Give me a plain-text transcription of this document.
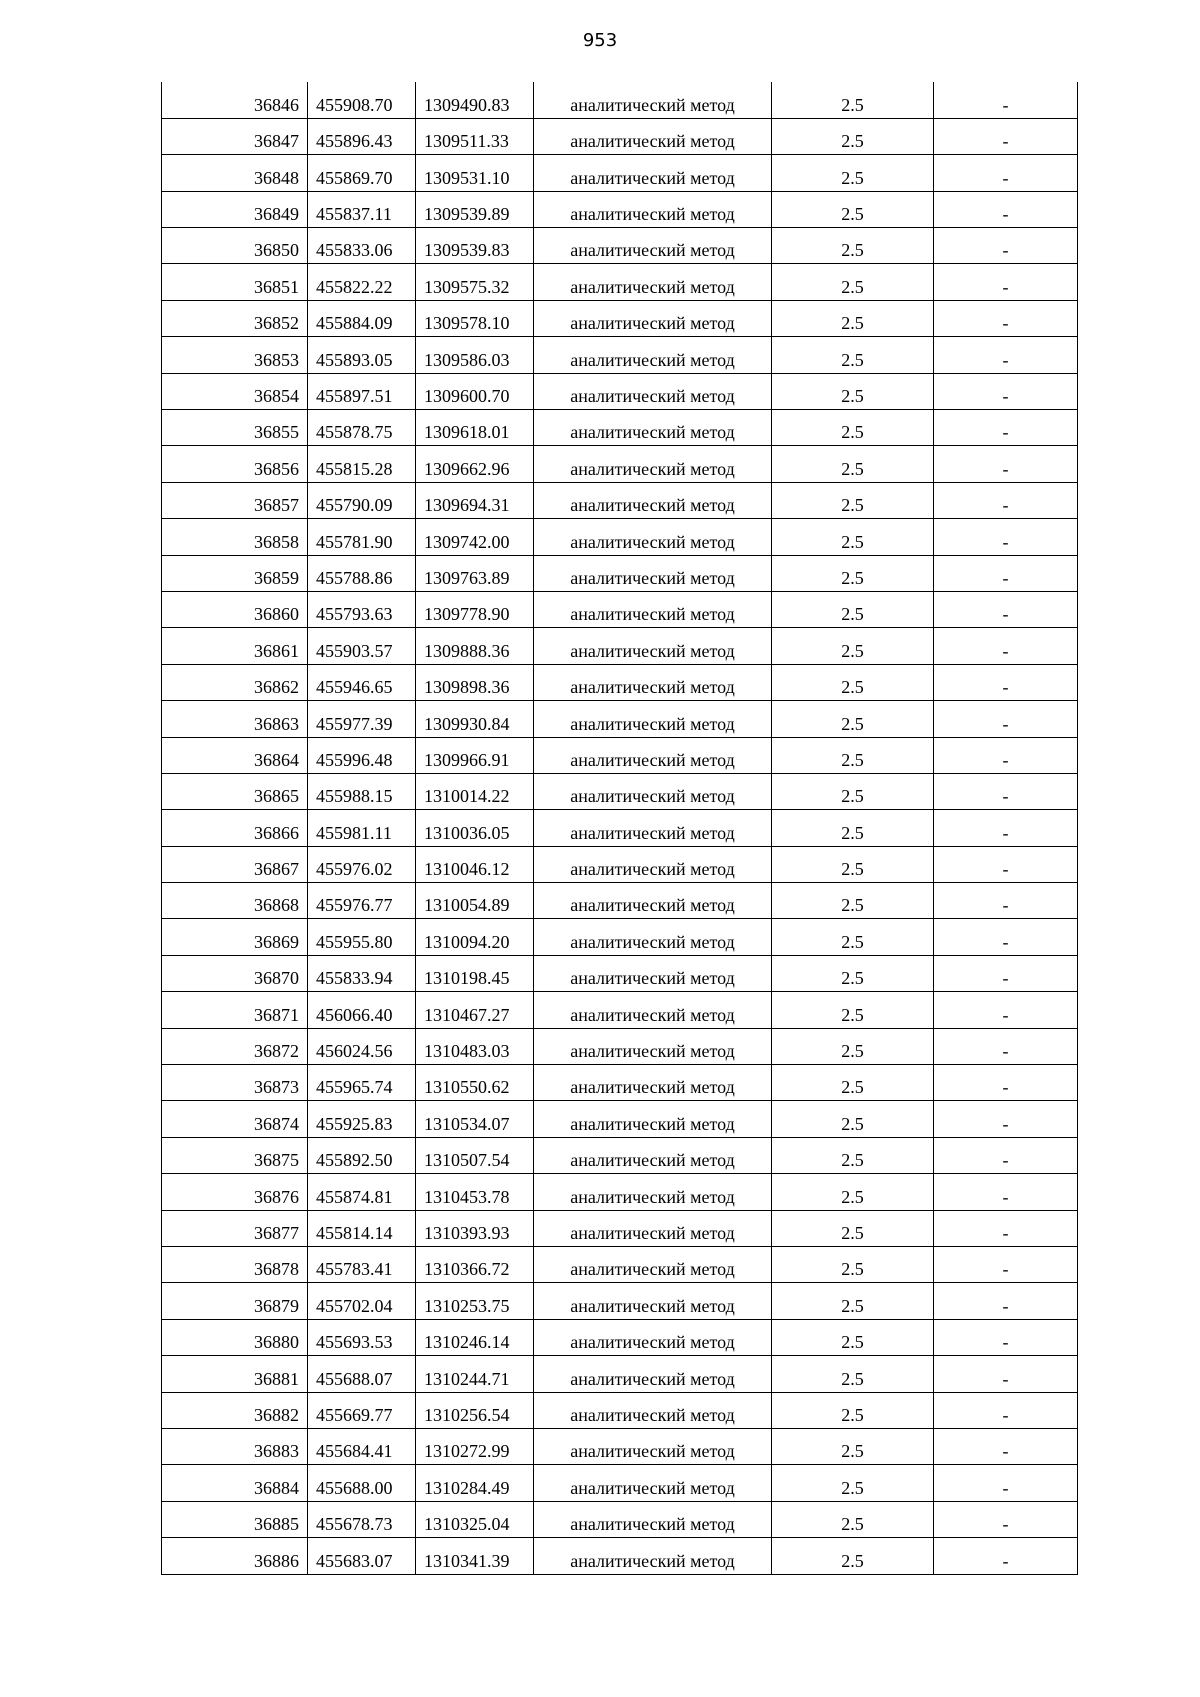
953
36846	455908.70	1309490.83	аналитический метод	2.5	-
36847	455896.43	1309511.33	аналитический метод	2.5	-
36848	455869.70	1309531.10	аналитический метод	2.5	-
36849	455837.11	1309539.89	аналитический метод	2.5	-
36850	455833.06	1309539.83	аналитический метод	2.5	-
36851	455822.22	1309575.32	аналитический метод	2.5	-
36852	455884.09	1309578.10	аналитический метод	2.5	-
36853	455893.05	1309586.03	аналитический метод	2.5	-
36854	455897.51	1309600.70	аналитический метод	2.5	-
36855	455878.75	1309618.01	аналитический метод	2.5	-
36856	455815.28	1309662.96	аналитический метод	2.5	-
36857	455790.09	1309694.31	аналитический метод	2.5	-
36858	455781.90	1309742.00	аналитический метод	2.5	-
36859	455788.86	1309763.89	аналитический метод	2.5	-
36860	455793.63	1309778.90	аналитический метод	2.5	-
36861	455903.57	1309888.36	аналитический метод	2.5	-
36862	455946.65	1309898.36	аналитический метод	2.5	-
36863	455977.39	1309930.84	аналитический метод	2.5	-
36864	455996.48	1309966.91	аналитический метод	2.5	-
36865	455988.15	1310014.22	аналитический метод	2.5	-
36866	455981.11	1310036.05	аналитический метод	2.5	-
36867	455976.02	1310046.12	аналитический метод	2.5	-
36868	455976.77	1310054.89	аналитический метод	2.5	-
36869	455955.80	1310094.20	аналитический метод	2.5	-
36870	455833.94	1310198.45	аналитический метод	2.5	-
36871	456066.40	1310467.27	аналитический метод	2.5	-
36872	456024.56	1310483.03	аналитический метод	2.5	-
36873	455965.74	1310550.62	аналитический метод	2.5	-
36874	455925.83	1310534.07	аналитический метод	2.5	-
36875	455892.50	1310507.54	аналитический метод	2.5	-
36876	455874.81	1310453.78	аналитический метод	2.5	-
36877	455814.14	1310393.93	аналитический метод	2.5	-
36878	455783.41	1310366.72	аналитический метод	2.5	-
36879	455702.04	1310253.75	аналитический метод	2.5	-
36880	455693.53	1310246.14	аналитический метод	2.5	-
36881	455688.07	1310244.71	аналитический метод	2.5	-
36882	455669.77	1310256.54	аналитический метод	2.5	-
36883	455684.41	1310272.99	аналитический метод	2.5	-
36884	455688.00	1310284.49	аналитический метод	2.5	-
36885	455678.73	1310325.04	аналитический метод	2.5	-
36886	455683.07	1310341.39	аналитический метод	2.5	-
